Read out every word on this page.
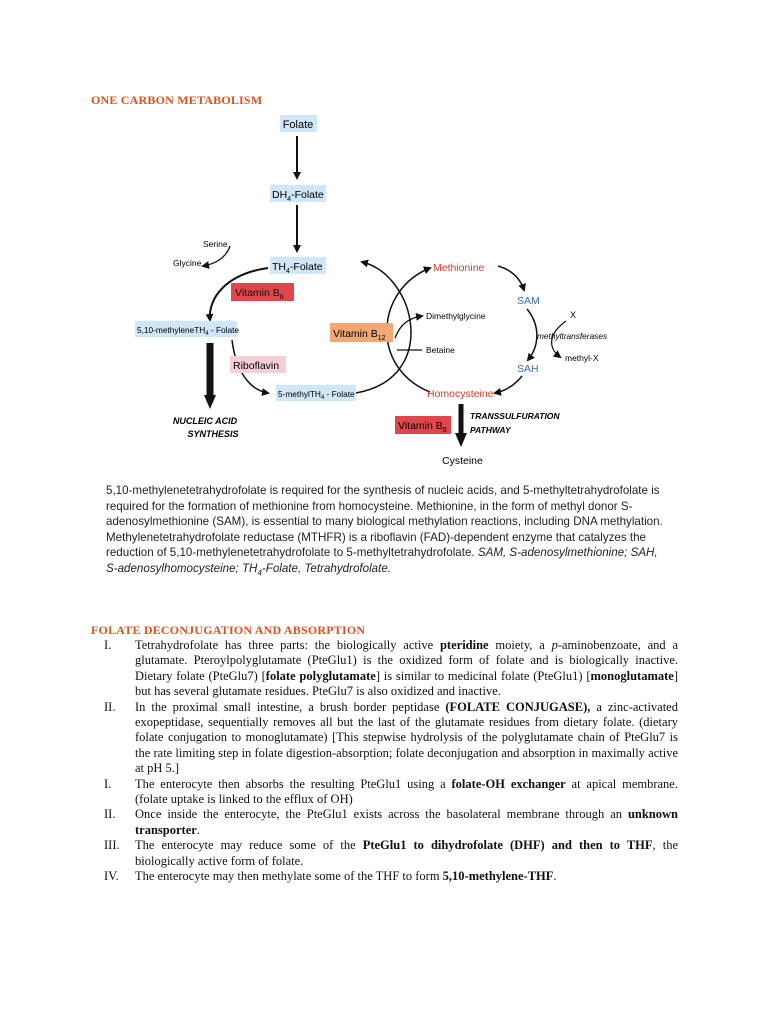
ONE CARBON METABOLISM
Folate
$DH_4$-Folate
$TH_4$-Folate
Serine
Glycine
Vitamin $B_6$
5,10-methyleneTH$_4$ - Folate
NUCLEIC ACID
SYNTHESIS
Riboflavin
5-methylTH$_4$ - Folate
Methionine
SAM
X
methyltransferases
methyl-X
SAH
Dimethylglycine
Betaine
Vitamin $B_{12}$
Homocysteine
Vitamin $B_6$
TRANSSULFURATION
PATHWAY
Cysteine
5,10-methylenetetrahydrofolate is required for the synthesis of nucleic acids, and 5-methyltetrahydrofolate is required for the formation of methionine from homocysteine. Methionine, in the form of methyl donor S-adenosylmethionine (SAM), is essential to many biological methylation reactions, including DNA methylation. Methylenetetrahydrofolate reductase (MTHFR) is a riboflavin (FAD)-dependent enzyme that catalyzes the reduction of 5,10-methylenetetrahydrofolate to 5-methyltetrahydrofolate. SAM, S-adenosylmethionine; SAH, S-adenosylhomocysteine; $TH_4$-Folate, Tetrahydrofolate.
FOLATE DECONJUGATION AND ABSORPTION
I.	Tetrahydrofolate has three parts: the biologically active pteridine moiety, a p-aminobenzoate, and a glutamate. Pteroylpolyglutamate (PteGlu1) is the oxidized form of folate and is biologically inactive. Dietary folate (PteGlu7) [folate polyglutamate] is similar to medicinal folate (PteGlu1) [monoglutamate] but has several glutamate residues. PteGlu7 is also oxidized and inactive.
II.	In the proximal small intestine, a brush border peptidase (FOLATE CONJUGASE), a zinc-activated exopeptidase, sequentially removes all but the last of the glutamate residues from dietary folate. (dietary folate conjugation to monoglutamate) [This stepwise hydrolysis of the polyglutamate chain of PteGlu7 is the rate limiting step in folate digestion-absorption; folate deconjugation and absorption in maximally active at pH 5.]
I.	The enterocyte then absorbs the resulting PteGlu1 using a folate-OH exchanger at apical membrane. (folate uptake is linked to the efflux of OH)
II.	Once inside the enterocyte, the PteGlu1 exists across the basolateral membrane through an unknown transporter.
III.	The enterocyte may reduce some of the PteGlu1 to dihydrofolate (DHF) and then to THF, the biologically active form of folate.
IV.	The enterocyte may then methylate some of the THF to form 5,10-methylene-THF.
